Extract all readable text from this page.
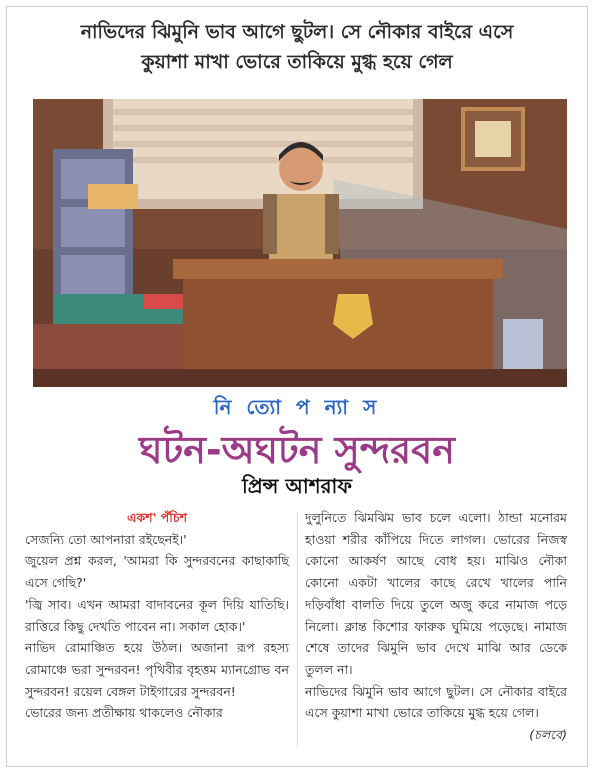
নাভিদের ঝিমুনি ভাব আগে ছুটল। সে নৌকার বাইরে এসে
কুয়াশা মাখা ভোরে তাকিয়ে মুগ্ধ হয়ে গেল
নি ত্যো প ন্যা স
ঘটন-অঘটন সুন্দরবন
প্রিন্স আশরাফ
একশ' পঁচিশ

সেজন্যি তো আপনারা রইছেনই।'

জুয়েল প্রশ্ন করল, 'আমরা কি সুন্দরবনের কাছাকাছি এসে গেছি?'

'জ্বি সাব। এখন আমরা বাদাবনের কূল দিয়ি যাতিছি। রাত্তিরে কিছু দেখতি পাবেন না। সকাল হোক।'

নাভিদ রোমাঞ্চিত হয়ে উঠল। অজানা রূপ রহস্য রোমাঞ্চে ভরা সুন্দরবন! পৃথিবীর বৃহত্তম ম্যানগ্রোভ বন সুন্দরবন! রয়েল বেঙ্গল টাইগারের সুন্দরবন!

ভোরের জন্য প্রতীক্ষায় থাকলেও নৌকার

দুলুনিতে ঝিমঝিম ভাব চলে এলো। ঠান্ডা মনোরম হাওয়া শরীর কাঁপিয়ে দিতে লাগল। ভোরের নিজস্ব কোনো আকর্ষণ আছে বোধ হয়। মাঝিও নৌকা কোনো একটা খালের কাছে রেখে খালের পানি দড়িবাঁধা বালতি দিয়ে তুলে অজু করে নামাজ পড়ে নিলো। ক্লান্ত কিশোর ফারুক ঘুমিয়ে পড়েছে। নামাজ শেষে তাদের ঝিমুনি ভাব দেখে মাঝি আর ডেকে তুলল না।

নাভিদের ঝিমুনি ভাব আগে ছুটল। সে নৌকার বাইরে এসে কুয়াশা মাখা ভোরে তাকিয়ে মুগ্ধ হয়ে গেল।

(চলবে)
